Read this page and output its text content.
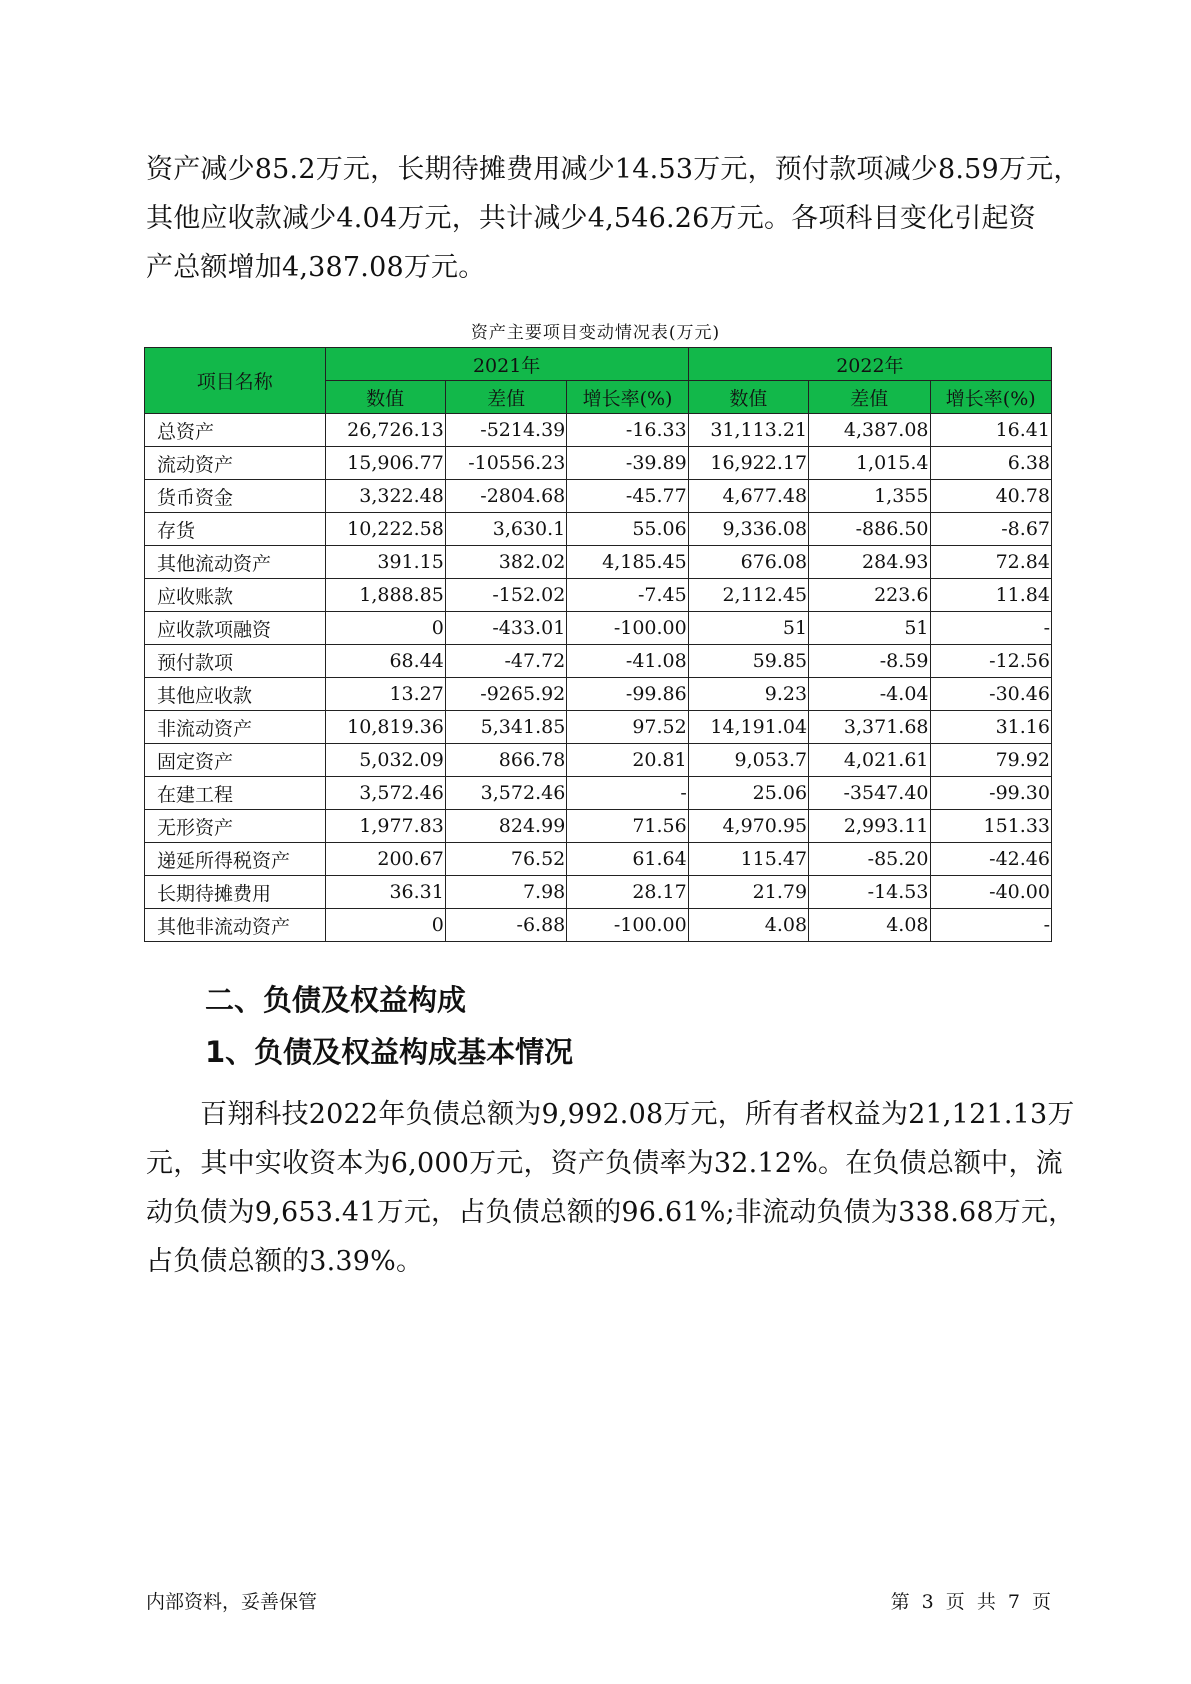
资产减少85.2万元，长期待摊费用减少14.53万元，预付款项减少8.59万元，
其他应收款减少4.04万元，共计减少4,546.26万元。各项科目变化引起资
产总额增加4,387.08万元。
资产主要项目变动情况表(万元)
项目名称	2021年			2022年		
	数值	差值	增长率(%)	数值	差值	增长率(%)
总资产	26,726.13	-5214.39	-16.33	31,113.21	4,387.08	16.41
流动资产	15,906.77	-10556.23	-39.89	16,922.17	1,015.4	6.38
货币资金	3,322.48	-2804.68	-45.77	4,677.48	1,355	40.78
存货	10,222.58	3,630.1	55.06	9,336.08	-886.50	-8.67
其他流动资产	391.15	382.02	4,185.45	676.08	284.93	72.84
应收账款	1,888.85	-152.02	-7.45	2,112.45	223.6	11.84
应收款项融资	0	-433.01	-100.00	51	51	-
预付款项	68.44	-47.72	-41.08	59.85	-8.59	-12.56
其他应收款	13.27	-9265.92	-99.86	9.23	-4.04	-30.46
非流动资产	10,819.36	5,341.85	97.52	14,191.04	3,371.68	31.16
固定资产	5,032.09	866.78	20.81	9,053.7	4,021.61	79.92
在建工程	3,572.46	3,572.46	-	25.06	-3547.40	-99.30
无形资产	1,977.83	824.99	71.56	4,970.95	2,993.11	151.33
递延所得税资产	200.67	76.52	61.64	115.47	-85.20	-42.46
长期待摊费用	36.31	7.98	28.17	21.79	-14.53	-40.00
其他非流动资产	0	-6.88	-100.00	4.08	4.08	-
二、负债及权益构成
1、负债及权益构成基本情况
百翔科技2022年负债总额为9,992.08万元，所有者权益为21,121.13万
元，其中实收资本为6,000万元，资产负债率为32.12%。在负债总额中，流
动负债为9,653.41万元，占负债总额的96.61%;非流动负债为338.68万元，
占负债总额的3.39%。
内部资料，妥善保管	第 3 页 共 7 页
